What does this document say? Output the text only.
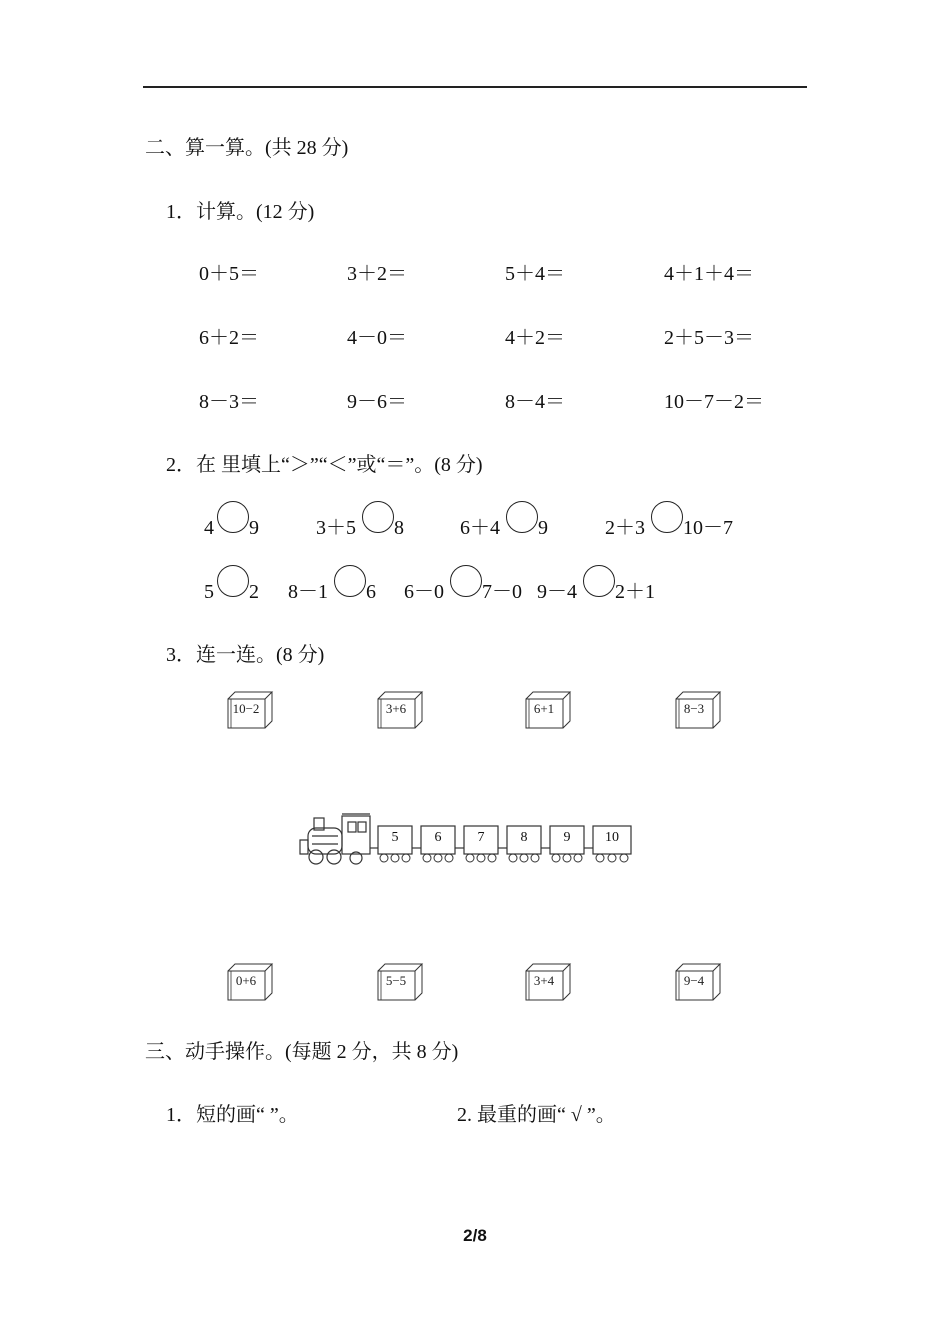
二、算一算。(共 28 分)
1．计算。(12 分)
0＋5＝	3＋2＝	5＋4＝	4＋1＋4＝
6＋2＝	4－0＝	4＋2＝	2＋5－3＝
8－3＝	9－6＝	8－4＝	10－7－2＝
2．在 里填上“＞”“＜”或“＝”。(8 分)
4 9	3＋5 8	6＋4 9	2＋3 10－7
5 2 8－1 6 6－0 7－0 9－4 2＋1
3．连一连。(8 分)
10−2	3+6	6+1	8−3
5	6	7	8	9	10
0+6	5−5	3+4	9−4
三、动手操作。(每题 2 分，共 8 分)
1．短的画“ ”。	2. 最重的画“ √ ”。
2/8
